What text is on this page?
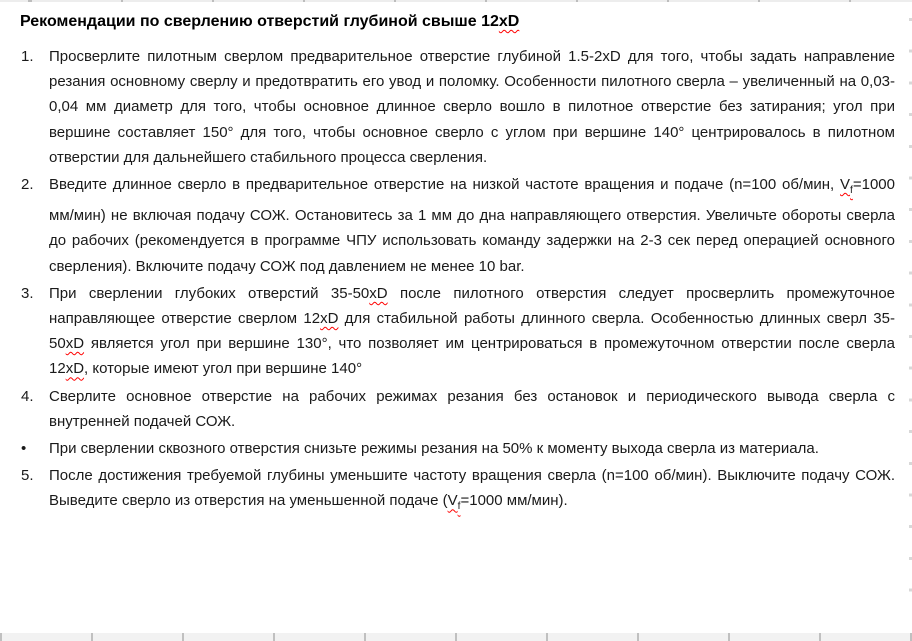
Рекомендации по сверлению отверстий глубиной свыше 12xD
1.	Просверлите пилотным сверлом предварительное отверстие глубиной 1.5-2xD для того, чтобы задать направление резания основному сверлу и предотвратить его увод и поломку. Особенности пилотного сверла – увеличенный на 0,03-0,04 мм диаметр для того, чтобы основное длинное сверло вошло в пилотное отверстие без затирания; угол при вершине составляет 150° для того, чтобы основное сверло с углом при вершине 140° центрировалось в пилотном отверстии для дальнейшего стабильного процесса сверления.

2.	Введите длинное сверло в предварительное отверстие на низкой частоте вращения и подаче (n=100 об/мин, $V_f=1000$ мм/мин) не включая подачу СОЖ. Остановитесь за 1 мм до дна направляющего отверстия. Увеличьте обороты сверла до рабочих (рекомендуется в программе ЧПУ использовать команду задержки на 2-3 сек перед операцией основного сверления). Включите подачу СОЖ под давлением не менее 10 bar.

3.	При сверлении глубоких отверстий 35-50xD после пилотного отверстия следует просверлить промежуточное направляющее отверстие сверлом 12xD для стабильной работы длинного сверла. Особенностью длинных сверл 35-50xD является угол при вершине 130°, что позволяет им центрироваться в промежуточном отверстии после сверла 12xD, которые имеют угол при вершине 140°

4.	Сверлите основное отверстие на рабочих режимах резания без остановок и периодического вывода сверла с внутренней подачей СОЖ.

•	При сверлении сквозного отверстия снизьте режимы резания на 50% к моменту выхода сверла из материала.

5.	После достижения требуемой глубины уменьшите частоту вращения сверла (n=100 об/мин). Выключите подачу СОЖ. Выведите сверло из отверстия на уменьшенной подаче ($V_f=1000$ мм/мин).
